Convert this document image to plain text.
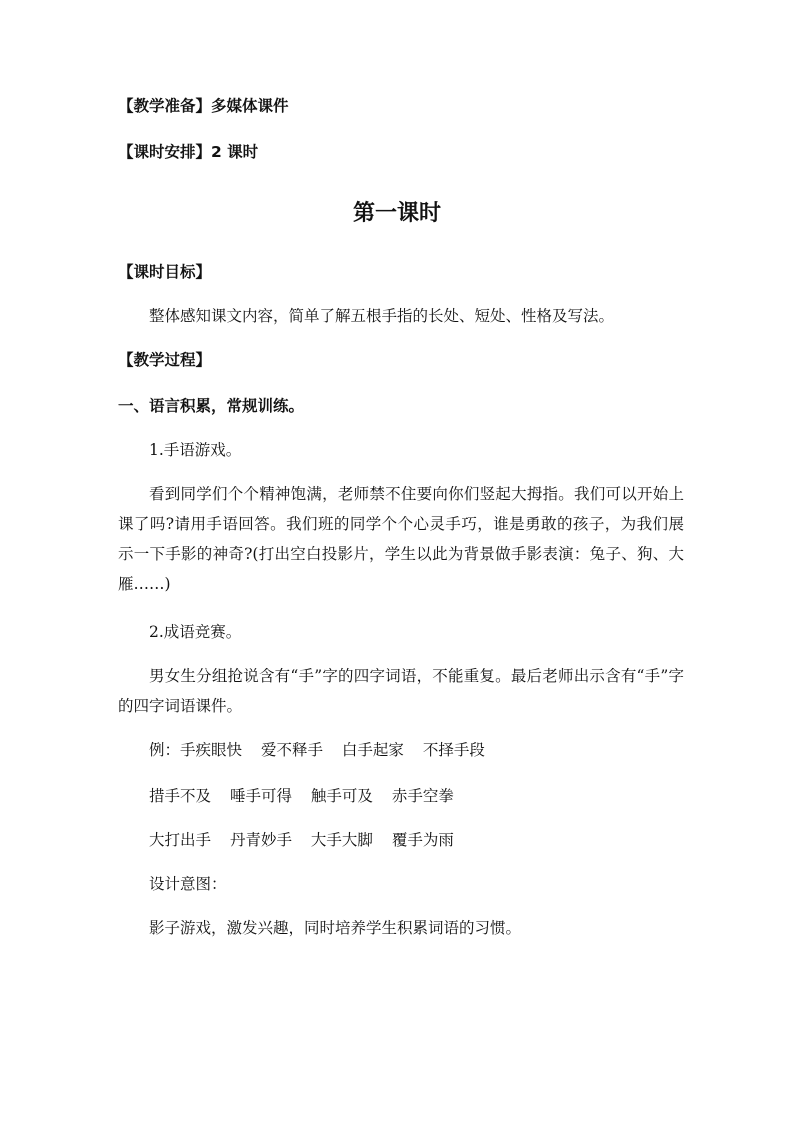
【教学准备】多媒体课件
【课时安排】2 课时
第一课时
【课时目标】
整体感知课文内容，简单了解五根手指的长处、短处、性格及写法。
【教学过程】
一、语言积累，常规训练。
1.手语游戏。
看到同学们个个精神饱满，老师禁不住要向你们竖起大拇指。我们可以开始上课了吗?请用手语回答。我们班的同学个个心灵手巧，谁是勇敢的孩子，为我们展示一下手影的神奇?(打出空白投影片，学生以此为背景做手影表演：兔子、狗、大雁……)
2.成语竞赛。
男女生分组抢说含有“手”字的四字词语，不能重复。最后老师出示含有“手”字的四字词语课件。
例：手疾眼快 爱不释手 白手起家 不择手段
措手不及 唾手可得 触手可及 赤手空拳
大打出手 丹青妙手 大手大脚 覆手为雨
设计意图：
影子游戏，激发兴趣，同时培养学生积累词语的习惯。
